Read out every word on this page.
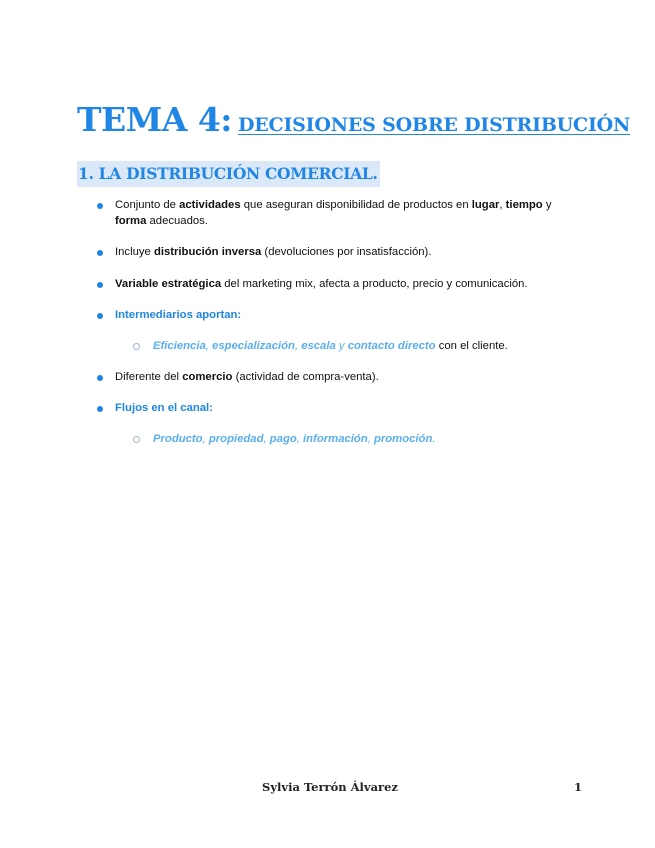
TEMA 4: DECISIONES SOBRE DISTRIBUCIÓN
1. LA DISTRIBUCIÓN COMERCIAL.
Conjunto de actividades que aseguran disponibilidad de productos en lugar, tiempo y forma adecuados.
Incluye distribución inversa (devoluciones por insatisfacción).
Variable estratégica del marketing mix, afecta a producto, precio y comunicación.
Intermediarios aportan:
Eficiencia, especialización, escala y contacto directo con el cliente.
Diferente del comercio (actividad de compra-venta).
Flujos en el canal:
Producto, propiedad, pago, información, promoción.
Sylvia Terrón Álvarez	1
